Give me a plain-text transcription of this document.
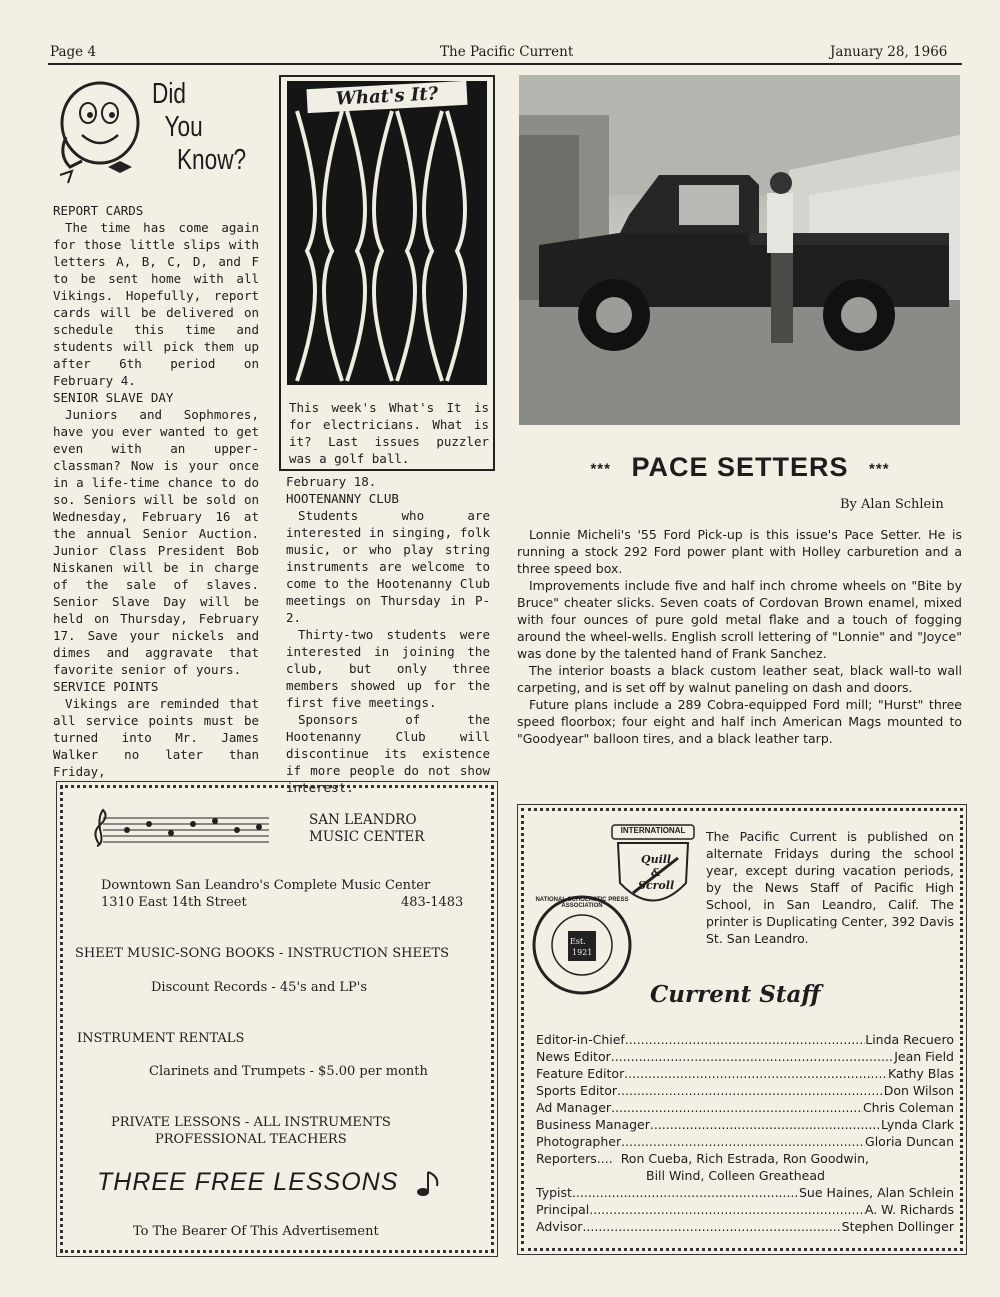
Page 4	The Pacific Current	January 28, 1966
Did
You
Know?

REPORT CARDS

The time has come again for those little slips with letters A, B, C, D, and F to be sent home with all Vikings. Hopefully, report cards will be delivered on schedule this time and students will pick them up after 6th period on February 4.

SENIOR SLAVE DAY

Juniors and Sophmores, have you ever wanted to get even with an upper-classman? Now is your once in a life-time chance to do so. Seniors will be sold on Wednesday, February 16 at the annual Senior Auction. Junior Class President Bob Niskanen will be in charge of the sale of slaves. Senior Slave Day will be held on Thursday, February 17. Save your nickels and dimes and aggravate that favorite senior of yours.

SERVICE POINTS

Vikings are reminded that all service points must be turned into Mr. James Walker no later than Friday,

What's It?
This week's What's It is for electricians. What is it? Last issues puzzler was a golf ball.

February 18.

HOOTENANNY CLUB

Students who are interested in singing, folk music, or who play string instruments are welcome to come to the Hootenanny Club meetings on Thursday in P-2.

Thirty-two students were interested in joining the club, but only three members showed up for the first five meetings.

Sponsors of the Hootenanny Club will discontinue its existence if more people do not show interest.

*** PACE SETTERS ***
By Alan Schlein

Lonnie Micheli's '55 Ford Pick-up is this issue's Pace Setter. He is running a stock 292 Ford power plant with Holley carburetion and a three speed box.

Improvements include five and half inch chrome wheels on "Bite by Bruce" cheater slicks. Seven coats of Cordovan Brown enamel, mixed with four ounces of pure gold metal flake and a touch of fogging around the wheel-wells. English scroll lettering of "Lonnie" and "Joyce" was done by the talented hand of Frank Sanchez.

The interior boasts a black custom leather seat, black wall-to wall carpeting, and is set off by walnut paneling on dash and doors.

Future plans include a 289 Cobra-equipped Ford mill; "Hurst" three speed floorbox; four eight and half inch American Mags mounted to "Goodyear" balloon tires, and a black leather tarp.

SAN LEANDRO
MUSIC CENTER
Downtown San Leandro's Complete Music Center
1310 East 14th Street	483-1483
SHEET MUSIC-SONG BOOKS - INSTRUCTION SHEETS
Discount Records - 45's and LP's
INSTRUMENT RENTALS
Clarinets and Trumpets - $5.00 per month
PRIVATE LESSONS - ALL INSTRUMENTS
PROFESSIONAL TEACHERS
THREE FREE LESSONS
To The Bearer Of This Advertisement
INTERNATIONAL
Quill
&
Scroll
NATIONAL SCHOLASTIC PRESS ASSOCIATION
Est.
1921
The Pacific Current is published on alternate Fridays during the school year, except during vacation periods, by the News Staff of Pacific High School, in San Leandro, Calif. The printer is Duplicating Center, 392 Davis St. San Leandro.
Current Staff
Editor-in-Chief .....	Linda Recuero
News Editor .....	Jean Field
Feature Editor .....	Kathy Blas
Sports Editor .....	Don Wilson
Ad Manager .....	Chris Coleman
Business Manager .....	Lynda Clark
Photographer .....	Gloria Duncan
Reporters.... Ron Cueba, Rich Estrada, Ron Goodwin,
Bill Wind, Colleen Greathead
Typist .....	Sue Haines, Alan Schlein
Principal .....	A. W. Richards
Advisor .....	Stephen Dollinger
